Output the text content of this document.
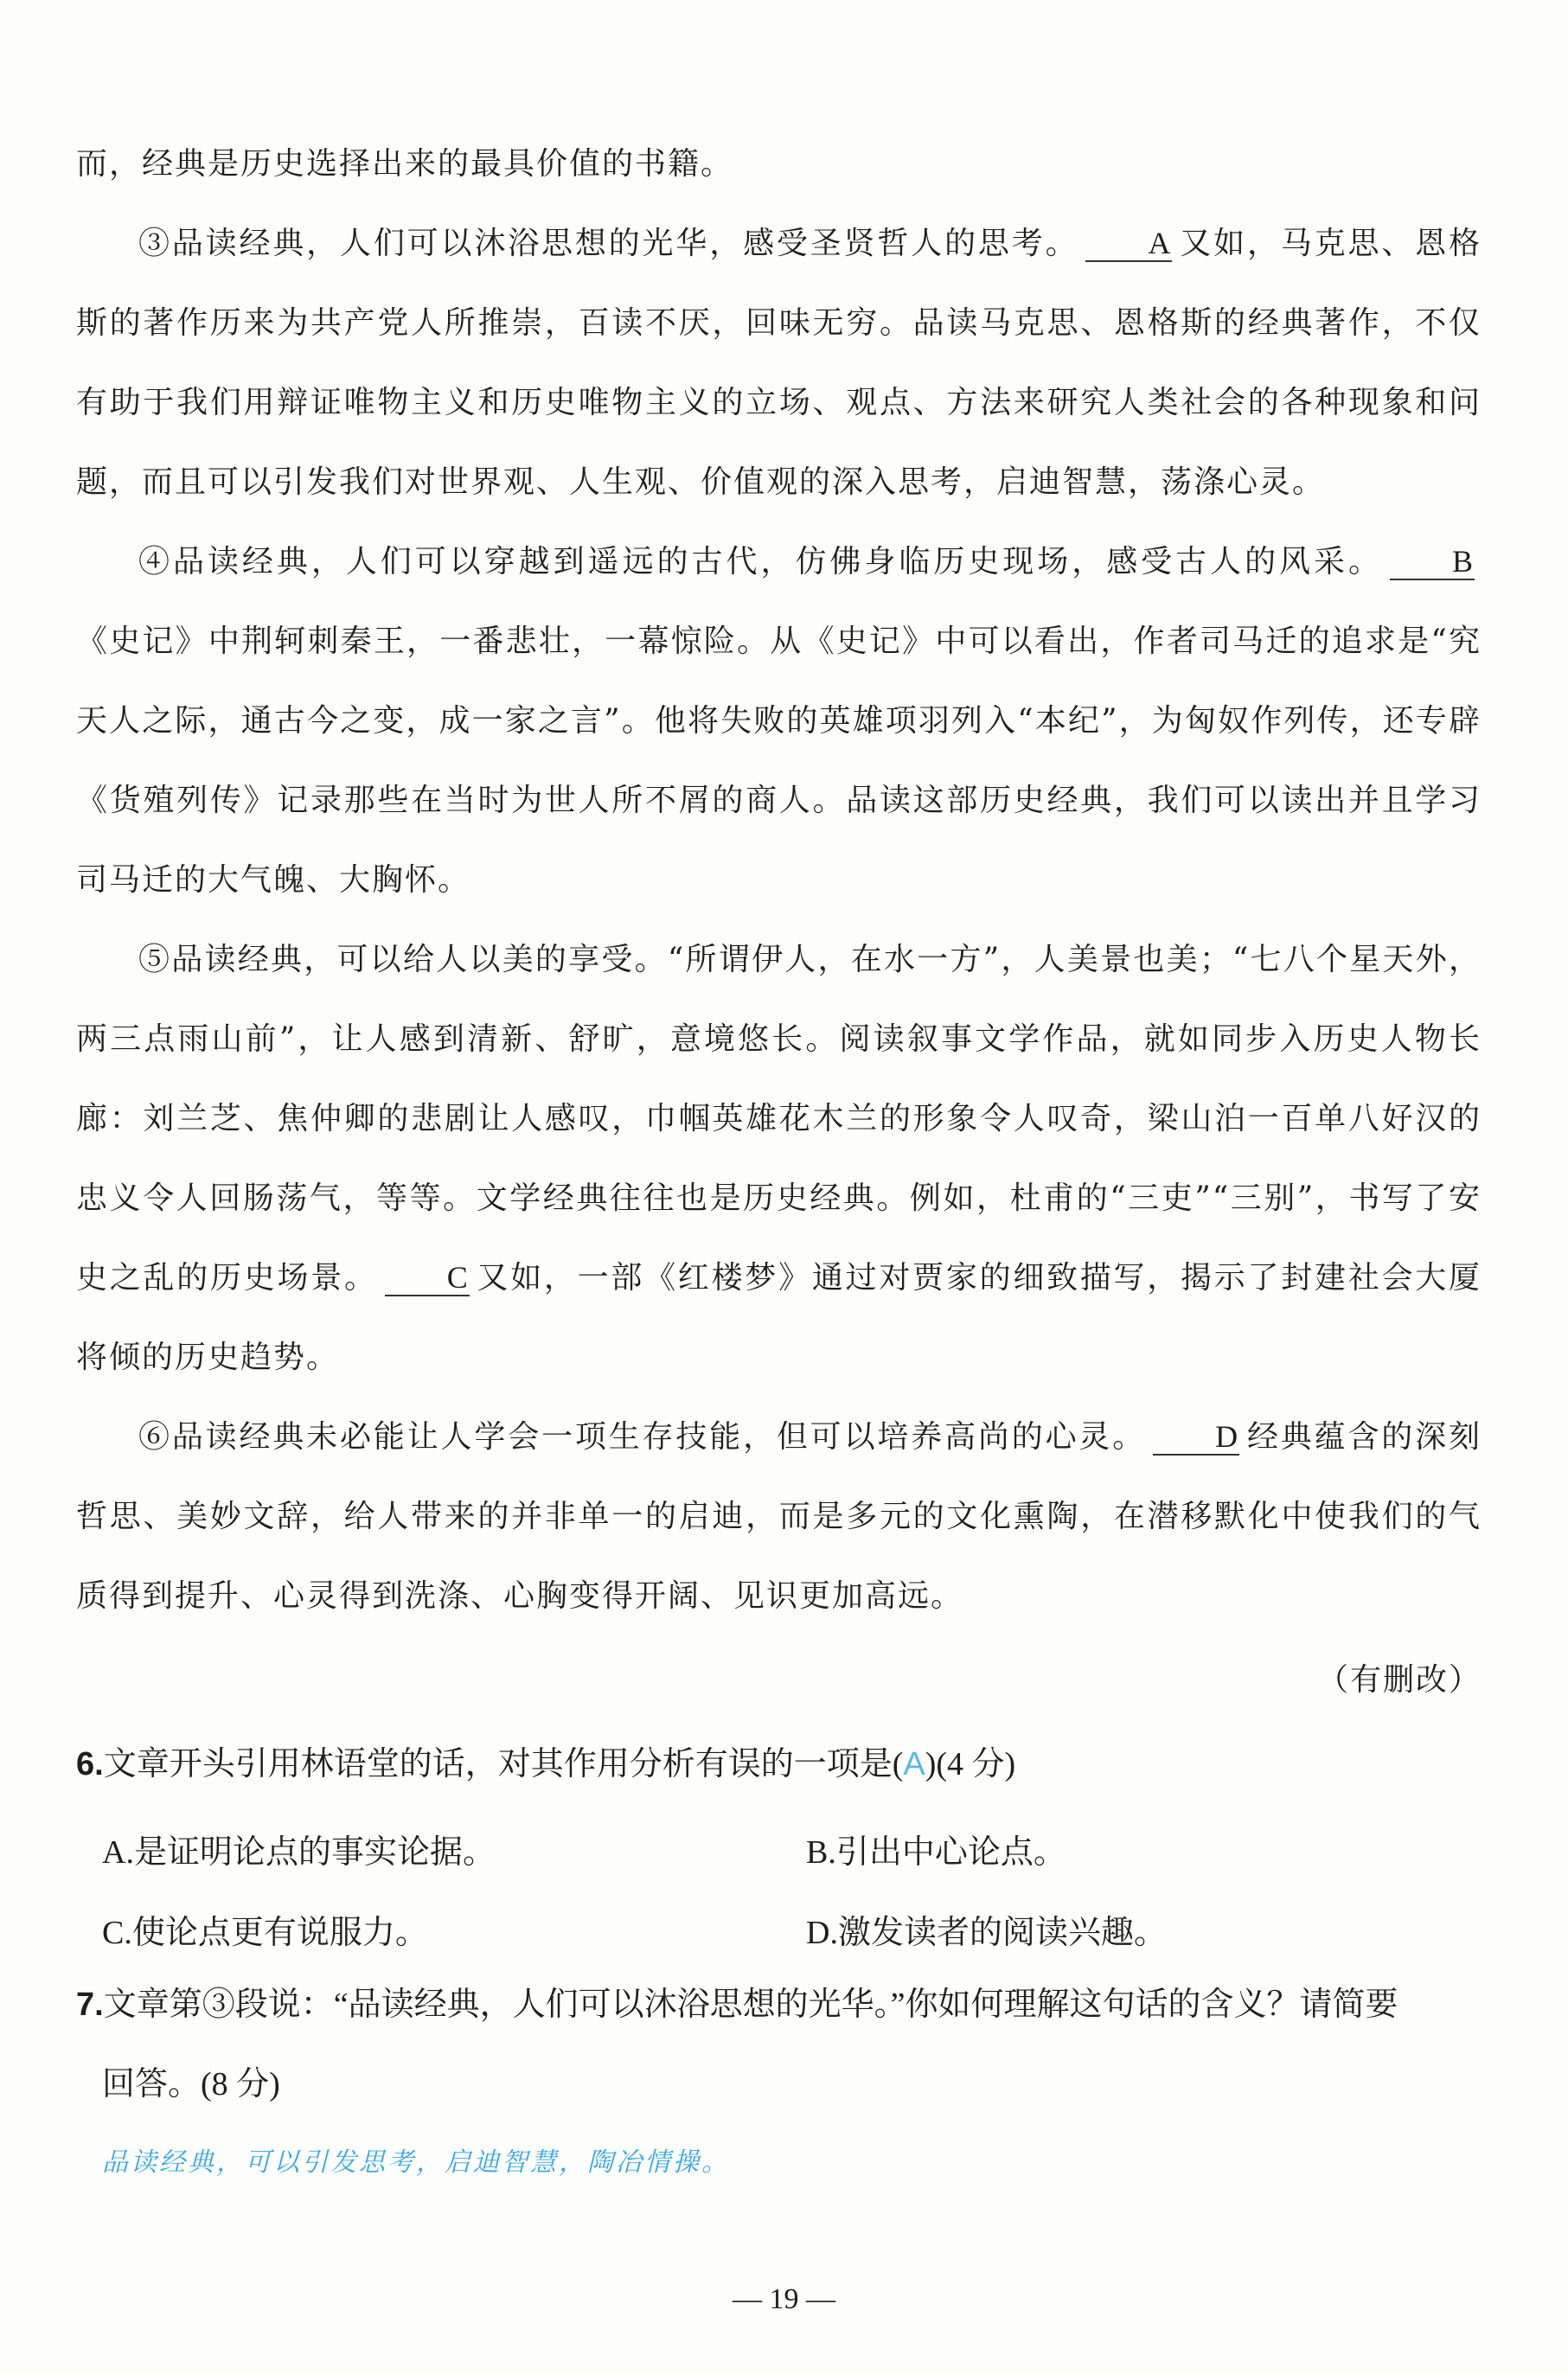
而，经典是历史选择出来的最具价值的书籍。

③品读经典，人们可以沐浴思想的光华，感受圣贤哲人的思考。 A 又如，马克思、恩格斯的著作历来为共产党人所推崇，百读不厌，回味无穷。品读马克思、恩格斯的经典著作，不仅有助于我们用辩证唯物主义和历史唯物主义的立场、观点、方法来研究人类社会的各种现象和问题，而且可以引发我们对世界观、人生观、价值观的深入思考，启迪智慧，荡涤心灵。

④品读经典，人们可以穿越到遥远的古代，仿佛身临历史现场，感受古人的风采。 B《史记》中荆轲刺秦王，一番悲壮，一幕惊险。从《史记》中可以看出，作者司马迁的追求是“究天人之际，通古今之变，成一家之言”。他将失败的英雄项羽列入“本纪”，为匈奴作列传，还专辟《货殖列传》记录那些在当时为世人所不屑的商人。品读这部历史经典，我们可以读出并且学习司马迁的大气魄、大胸怀。

⑤品读经典，可以给人以美的享受。“所谓伊人，在水一方”，人美景也美；“七八个星天外，两三点雨山前”，让人感到清新、舒旷，意境悠长。阅读叙事文学作品，就如同步入历史人物长廊：刘兰芝、焦仲卿的悲剧让人感叹，巾帼英雄花木兰的形象令人叹奇，梁山泊一百单八好汉的忠义令人回肠荡气，等等。文学经典往往也是历史经典。例如，杜甫的“三吏”“三别”，书写了安史之乱的历史场景。 C 又如，一部《红楼梦》通过对贾家的细致描写，揭示了封建社会大厦将倾的历史趋势。

⑥品读经典未必能让人学会一项生存技能，但可以培养高尚的心灵。 D 经典蕴含的深刻哲思、美妙文辞，给人带来的并非单一的启迪，而是多元的文化熏陶，在潜移默化中使我们的气质得到提升、心灵得到洗涤、心胸变得开阔、见识更加高远。

（有删改）
6.文章开头引用林语堂的话，对其作用分析有误的一项是(A)(4 分)
A.是证明论点的事实论据。	B.引出中心论点。
C.使论点更有说服力。	D.激发读者的阅读兴趣。
7.文章第③段说：“品读经典，人们可以沐浴思想的光华。”你如何理解这句话的含义？请简要
回答。(8 分)
品读经典，可以引发思考，启迪智慧，陶冶情操。
— 19 —
